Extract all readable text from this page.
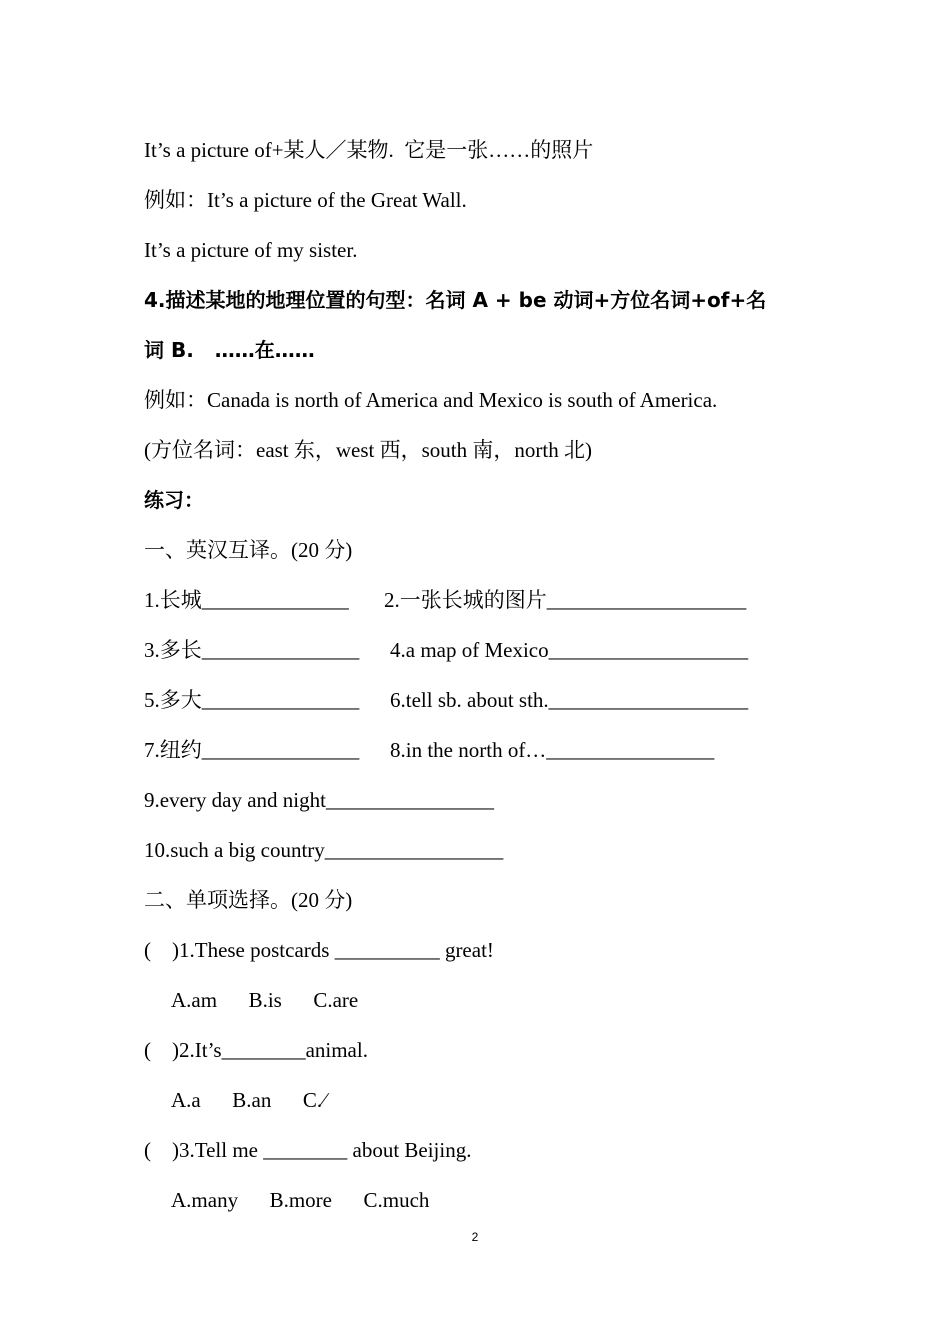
It’s a picture of+某人／某物.  它是一张……的照片
例如：It’s a picture of the Great Wall.
It’s a picture of my sister.
4.描述某地的地理位置的句型：名词 A + be 动词+方位名词+of+名
词 B.   ……在……
例如：Canada is north of America and Mexico is south of America.
(方位名词：east 东，west 西，south 南，north 北)
练习：
一、英汉互译。(20 分)
1.长城______________ 2.一张长城的图片___________________
3.多长_______________ 4.a map of Mexico___________________
5.多大_______________ 6.tell sb. about sth.___________________
7.纽约_______________ 8.in the north of…________________
9.every day and night________________
10.such a big country_________________
二、单项选择。(20 分)
(    )1.These postcards __________ great!
A.am      B.is      C.are
(    )2.It’s________animal.
A.a      B.an      C.∕
(    )3.Tell me ________ about Beijing.
A.many      B.more      C.much
2
